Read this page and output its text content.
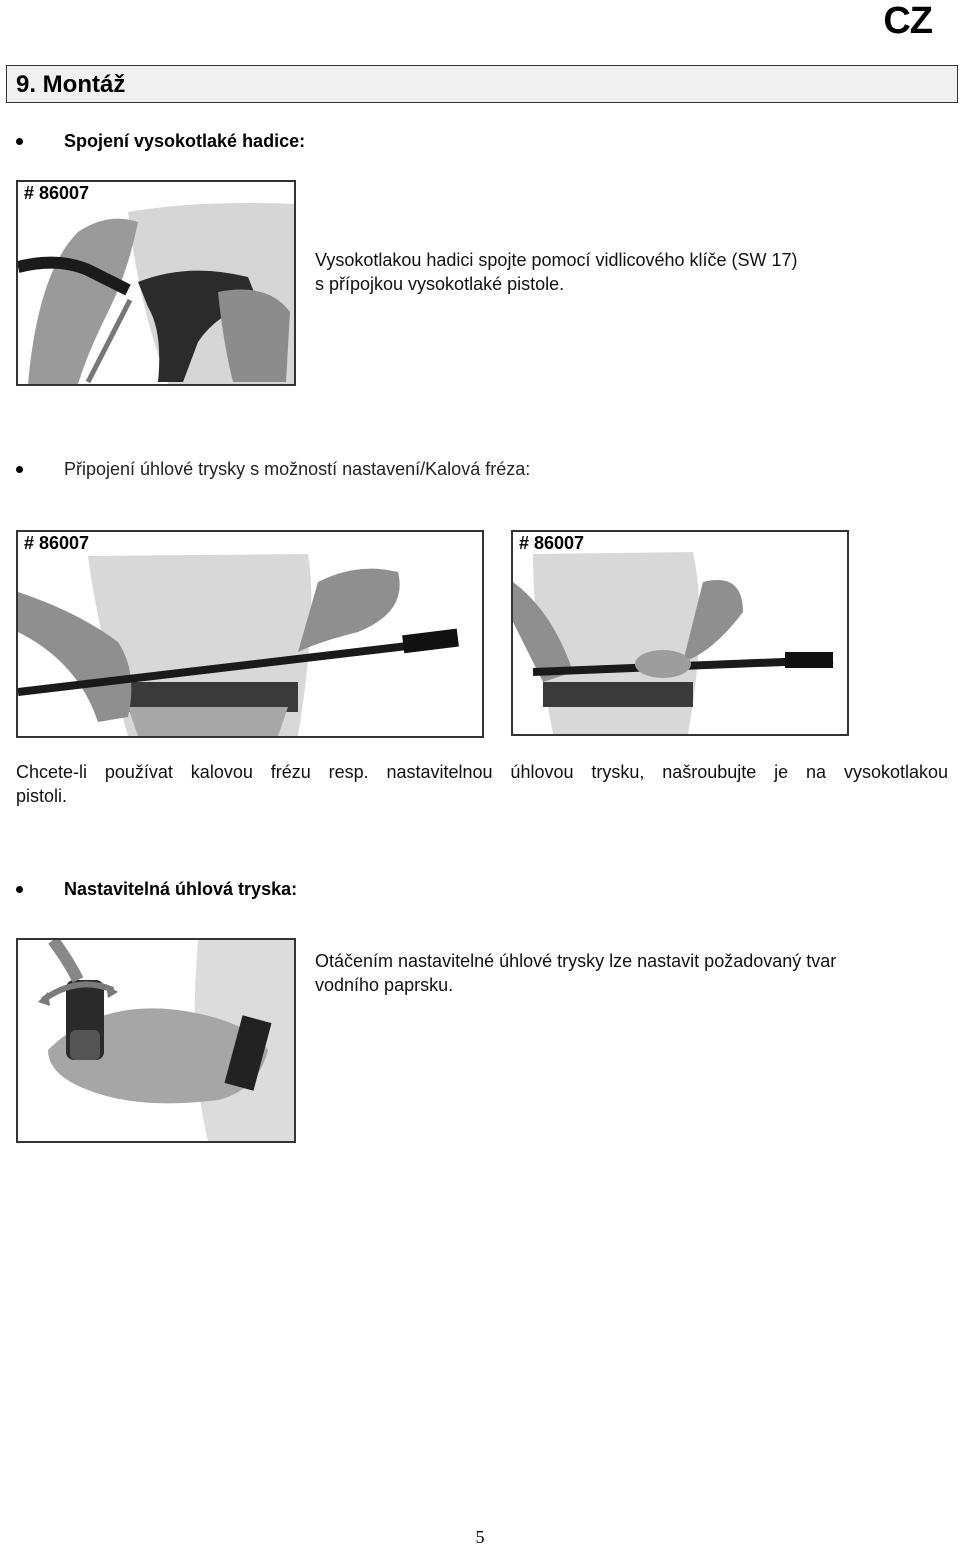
CZ
9. Montáž
Spojení vysokotlaké hadice:
# 86007
Vysokotlakou hadici spojte pomocí vidlicového klíče (SW 17)
s přípojkou vysokotlaké pistole.
Připojení úhlové trysky s možností nastavení/Kalová fréza:
# 86007	# 86007
Chcete-li používat kalovou frézu resp. nastavitelnou úhlovou trysku, našroubujte je na vysokotlakou
pistoli.
Nastavitelná úhlová tryska:
Otáčením nastavitelné úhlové trysky lze nastavit požadovaný tvar
vodního paprsku.
5
